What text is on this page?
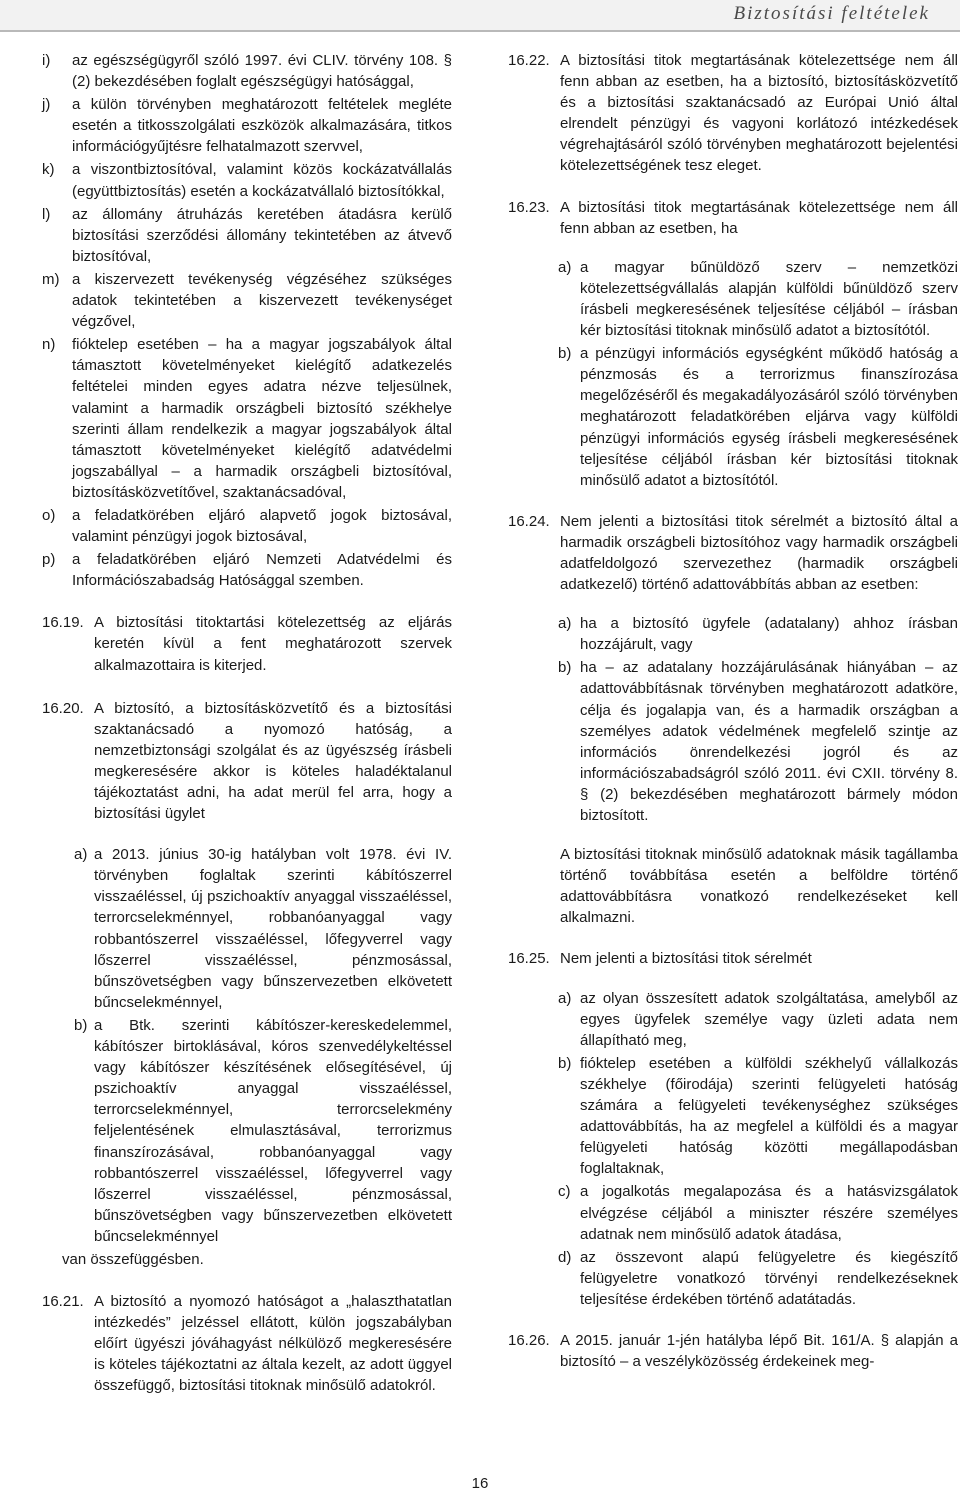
Biztosítási feltételek
i) az egészségügyről szóló 1997. évi CLIV. törvény 108. § (2) bekezdésében foglalt egészségügyi hatósággal,
j) a külön törvényben meghatározott feltételek megléte esetén a titkosszolgálati eszközök alkalmazására, titkos információgyűjtésre felhatalmazott szervvel,
k) a viszontbiztosítóval, valamint közös kockázatvállalás (együttbiztosítás) esetén a kockázatvállaló biztosítókkal,
l) az állomány átruházás keretében átadásra kerülő biztosítási szerződési állomány tekintetében az átvevő biztosítóval,
m) a kiszervezett tevékenység végzéséhez szükséges adatok tekintetében a kiszervezett tevékenységet végzővel,
n) fióktelep esetében – ha a magyar jogszabályok által támasztott követelményeket kielégítő adatkezelés feltételei minden egyes adatra nézve teljesülnek, valamint a harmadik országbeli biztosító székhelye szerinti állam rendelkezik a magyar jogszabályok által támasztott követelményeket kielégítő adatvédelmi jogszabállyal – a harmadik országbeli biztosítóval, biztosításközvetítővel, szaktanácsadóval,
o) a feladatkörében eljáró alapvető jogok biztosával, valamint pénzügyi jogok biztosával,
p) a feladatkörében eljáró Nemzeti Adatvédelmi és Információszabadság Hatósággal szemben.
16.19. A biztosítási titoktartási kötelezettség az eljárás keretén kívül a fent meghatározott szervek alkalmazottaira is kiterjed.
16.20. A biztosító, a biztosításközvetítő és a biztosítási szaktanácsadó a nyomozó hatóság, a nemzetbiztonsági szolgálat és az ügyészség írásbeli megkeresésére akkor is köteles haladéktalanul tájékoztatást adni, ha adat merül fel arra, hogy a biztosítási ügylet
a) a 2013. június 30-ig hatályban volt 1978. évi IV. törvényben foglaltak szerinti kábítószerrel visszaéléssel, új pszichoaktív anyaggal visszaéléssel, terrorcselekménnyel, robbanóanyaggal vagy robbantószerrel visszaéléssel, lőfegyverrel vagy lőszerrel visszaéléssel, pénzmosással, bűnszövetségben vagy bűnszervezetben elkövetett bűncselekménnyel,
b) a Btk. szerinti kábítószer-kereskedelemmel, kábítószer birtoklásával, kóros szenvedélykeltéssel vagy kábítószer készítésének elősegítésével, új pszichoaktív anyaggal visszaéléssel, terrorcselekménnyel, terrorcselekmény feljelentésének elmulasztásával, terrorizmus finanszírozásával, robbanóanyaggal vagy robbantószerrel visszaéléssel, lőfegyverrel vagy lőszerrel visszaéléssel, pénzmosással, bűnszövetségben vagy bűnszervezetben elkövetett bűncselekménnyel

van összefüggésben.

16.21. A biztosító a nyomozó hatóságot a „halaszthatatlan intézkedés” jelzéssel ellátott, külön jogszabályban előírt ügyészi jóváhagyást nélkülöző megkeresésére is köteles tájékoztatni az általa kezelt, az adott üggyel összefüggő, biztosítási titoknak minősülő adatokról.
16.22. A biztosítási titok megtartásának kötelezettsége nem áll fenn abban az esetben, ha a biztosító, biztosításközvetítő és a biztosítási szaktanácsadó az Európai Unió által elrendelt pénzügyi és vagyoni korlátozó intézkedések végrehajtásáról szóló törvényben meghatározott bejelentési kötelezettségének tesz eleget.
16.23. A biztosítási titok megtartásának kötelezettsége nem áll fenn abban az esetben, ha
a) a magyar bűnüldöző szerv – nemzetközi kötelezettségvállalás alapján külföldi bűnüldöző szerv írásbeli megkeresésének teljesítése céljából – írásban kér biztosítási titoknak minősülő adatot a biztosítótól.
b) a pénzügyi információs egységként működő hatóság a pénzmosás és a terrorizmus finanszírozása megelőzéséről és megakadályozásáról szóló törvényben meghatározott feladatkörében eljárva vagy külföldi pénzügyi információs egység írásbeli megkeresésének teljesítése céljából írásban kér biztosítási titoknak minősülő adatot a biztosítótól.
16.24. Nem jelenti a biztosítási titok sérelmét a biztosító által a harmadik országbeli biztosítóhoz vagy harmadik országbeli adatfeldolgozó szervezethez (harmadik országbeli adatkezelő) történő adattovábbítás abban az esetben:
a) ha a biztosító ügyfele (adatalany) ahhoz írásban hozzájárult, vagy
b) ha – az adatalany hozzájárulásának hiányában – az adattovábbításnak törvényben meghatározott adatköre, célja és jogalapja van, és a harmadik országban a személyes adatok védelmének megfelelő szintje az információs önrendelkezési jogról és az információszabadságról szóló 2011. évi CXII. törvény 8. § (2) bekezdésében meghatározott bármely módon biztosított.

A biztosítási titoknak minősülő adatoknak másik tagállamba történő továbbítása esetén a belföldre történő adattovábbításra vonatkozó rendelkezéseket kell alkalmazni.

16.25. Nem jelenti a biztosítási titok sérelmét
a) az olyan összesített adatok szolgáltatása, amelyből az egyes ügyfelek személye vagy üzleti adata nem állapítható meg,
b) fióktelep esetében a külföldi székhelyű vállalkozás székhelye (főirodája) szerinti felügyeleti hatóság számára a felügyeleti tevékenységhez szükséges adattovábbítás, ha az megfelel a külföldi és a magyar felügyeleti hatóság közötti megállapodásban foglaltaknak,
c) a jogalkotás megalapozása és a hatásvizsgálatok elvégzése céljából a miniszter részére személyes adatnak nem minősülő adatok átadása,
d) az összevont alapú felügyeletre és kiegészítő felügyeletre vonatkozó törvényi rendelkezéseknek teljesítése érdekében történő adatátadás.
16.26. A 2015. január 1-jén hatályba lépő Bit. 161/A. § alapján a biztosító – a veszélyközösség érdekeinek meg-
16
